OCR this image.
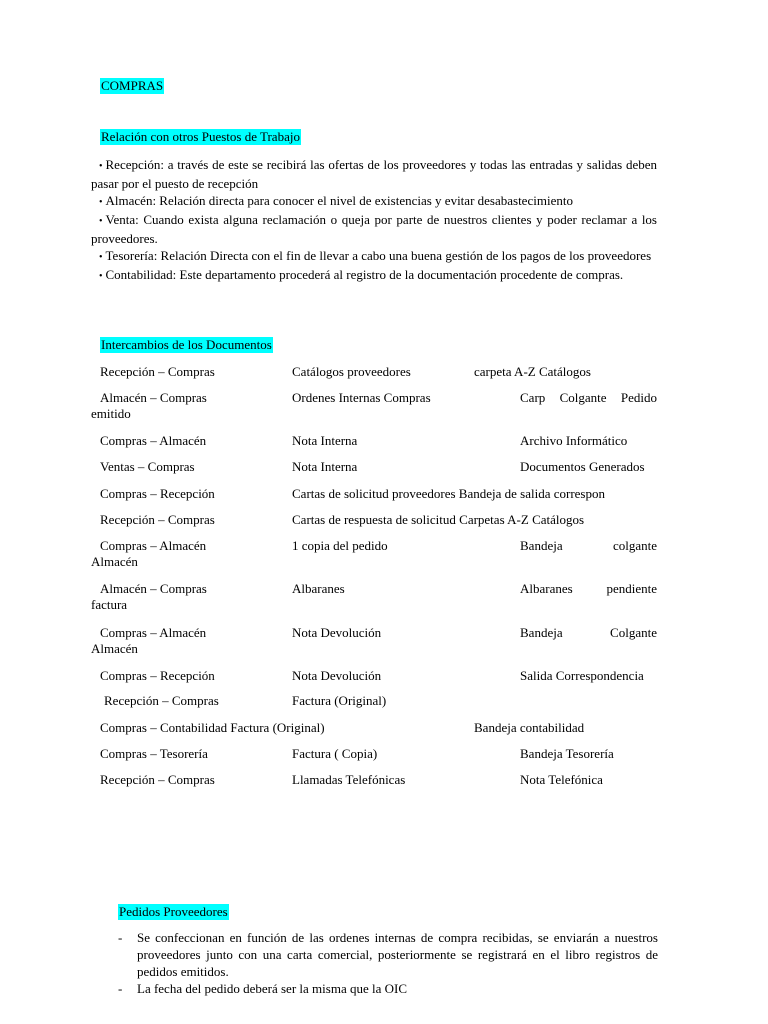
COMPRAS
Relación con otros Puestos de Trabajo

• Recepción: a través de este se recibirá las ofertas de los proveedores y todas las entradas y salidas deben pasar por el puesto de recepción

• Almacén: Relación directa para conocer el nivel de existencias y evitar desabastecimiento

• Venta: Cuando exista alguna reclamación o queja por parte de nuestros clientes y poder reclamar a los proveedores.

• Tesorería: Relación Directa con el fin de llevar a cabo una buena gestión de los pagos de los proveedores

• Contabilidad: Este departamento procederá al registro de la documentación procedente de compras.

Intercambios de los Documentos
Recepción – Compras	Catálogos proveedores	carpeta A-Z Catálogos
Almacén – Compras	Ordenes Internas Compras	Carp Colgante Pedido
emitido
Compras – Almacén	Nota Interna	Archivo Informático
Ventas – Compras	Nota Interna	Documentos Generados
Compras – Recepción	Cartas de solicitud proveedores Bandeja de salida correspon
Recepción – Compras	Cartas de respuesta de solicitud Carpetas A-Z Catálogos
Compras – Almacén	1 copia del pedido	Bandeja colgante
Almacén
Almacén – Compras	Albaranes	Albaranes pendiente
factura
Compras – Almacén	Nota Devolución	Bandeja Colgante
Almacén
Compras – Recepción	Nota Devolución	Salida Correspondencia
Recepción – Compras	Factura (Original)
Compras – Contabilidad Factura (Original)	Bandeja contabilidad
Compras – Tesorería	Factura ( Copia)	Bandeja Tesorería
Recepción – Compras	Llamadas Telefónicas	Nota Telefónica
Pedidos Proveedores

- Se confeccionan en función de las ordenes internas de compra recibidas, se enviarán a nuestros proveedores junto con una carta comercial, posteriormente se registrará en el libro registros de pedidos emitidos.

- La fecha del pedido deberá ser la misma que la OIC
